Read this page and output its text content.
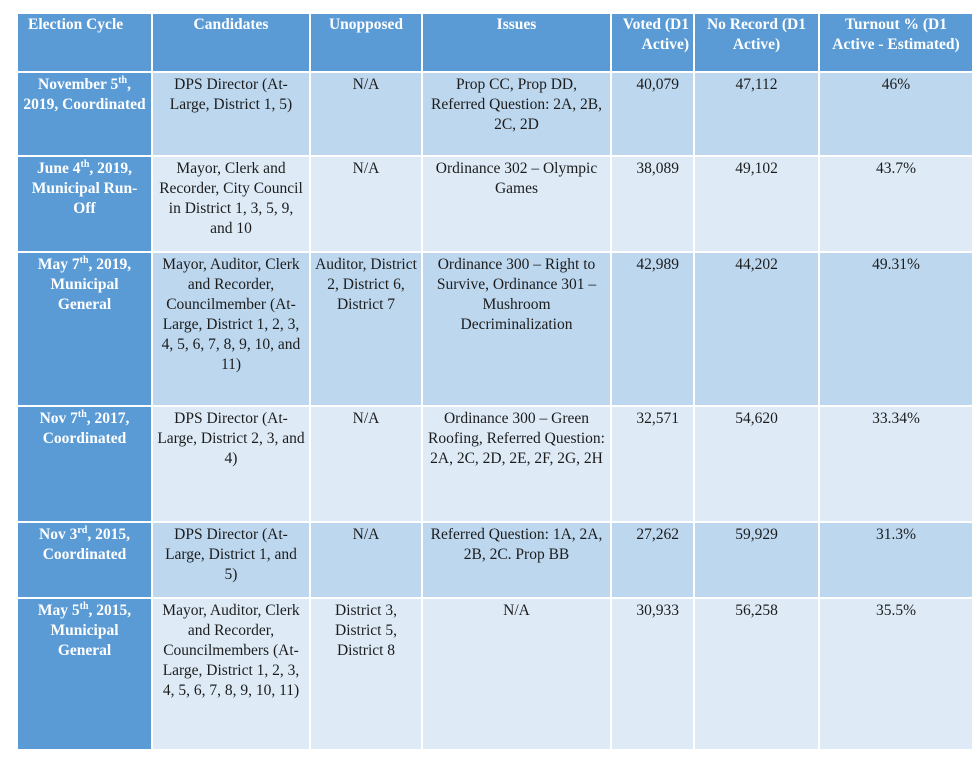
Election Cycle	Candidates	Unopposed	Issues	Voted (D1 Active)	No Record (D1 Active)	Turnout % (D1 Active - Estimated)
November 5th, 2019, Coordinated	DPS Director (At-Large, District 1, 5)	N/A	Prop CC, Prop DD, Referred Question: 2A, 2B, 2C, 2D	40,079	47,112	46%
June 4th, 2019, Municipal Run-Off	Mayor, Clerk and Recorder, City Council in District 1, 3, 5, 9, and 10	N/A	Ordinance 302 – Olympic Games	38,089	49,102	43.7%
May 7th, 2019, Municipal General	Mayor, Auditor, Clerk and Recorder, Councilmember (At-Large, District 1, 2, 3, 4, 5, 6, 7, 8, 9, 10, and 11)	Auditor, District 2, District 6, District 7	Ordinance 300 – Right to Survive, Ordinance 301 – Mushroom Decriminalization	42,989	44,202	49.31%
Nov 7th, 2017, Coordinated	DPS Director (At-Large, District 2, 3, and 4)	N/A	Ordinance 300 – Green Roofing, Referred Question: 2A, 2C, 2D, 2E, 2F, 2G, 2H	32,571	54,620	33.34%
Nov 3rd, 2015, Coordinated	DPS Director (At-Large, District 1, and 5)	N/A	Referred Question: 1A, 2A, 2B, 2C. Prop BB	27,262	59,929	31.3%
May 5th, 2015, Municipal General	Mayor, Auditor, Clerk and Recorder, Councilmembers (At-Large, District 1, 2, 3, 4, 5, 6, 7, 8, 9, 10, 11)	District 3, District 5, District 8	N/A	30,933	56,258	35.5%
